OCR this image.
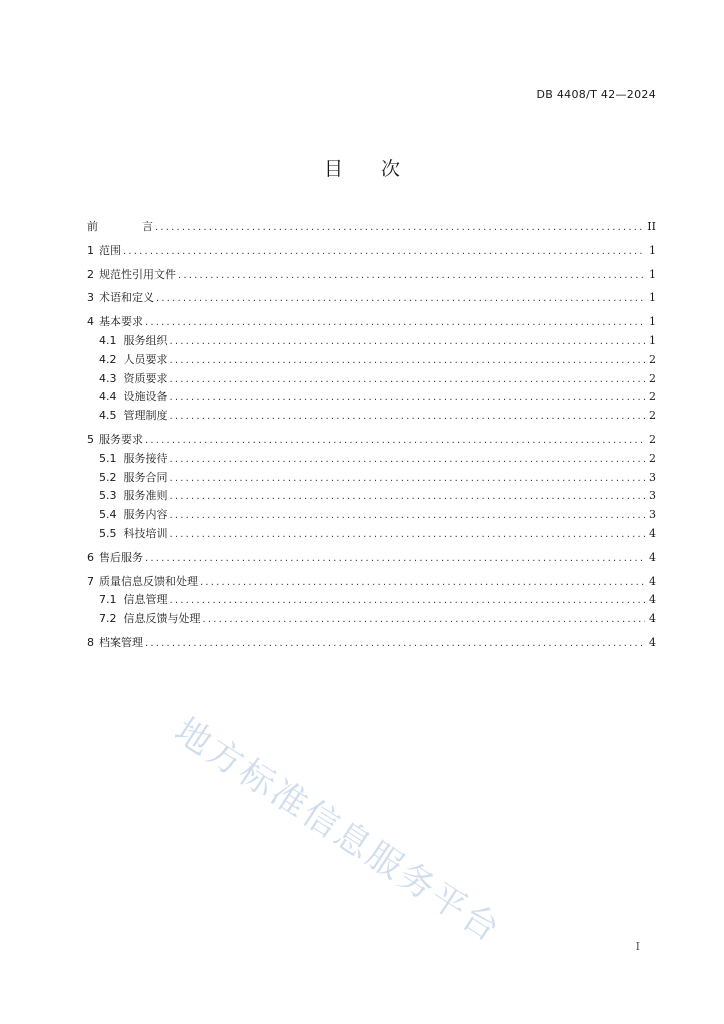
DB 4408/T 42—2024
目 次
前	言 .....	II
1 范围 .....	1
2 规范性引用文件 .....	1
3 术语和定义 .....	1
4 基本要求 .....	1
4.1 服务组织 .....	1
4.2 人员要求 .....	2
4.3 资质要求 .....	2
4.4 设施设备 .....	2
4.5 管理制度 .....	2
5 服务要求 .....	2
5.1 服务接待 .....	2
5.2 服务合同 .....	3
5.3 服务准则 .....	3
5.4 服务内容 .....	3
5.5 科技培训 .....	4
6 售后服务 .....	4
7 质量信息反馈和处理 .....	4
7.1 信息管理 .....	4
7.2 信息反馈与处理 .....	4
8 档案管理 .....	4
地方标准信息服务平台	I
